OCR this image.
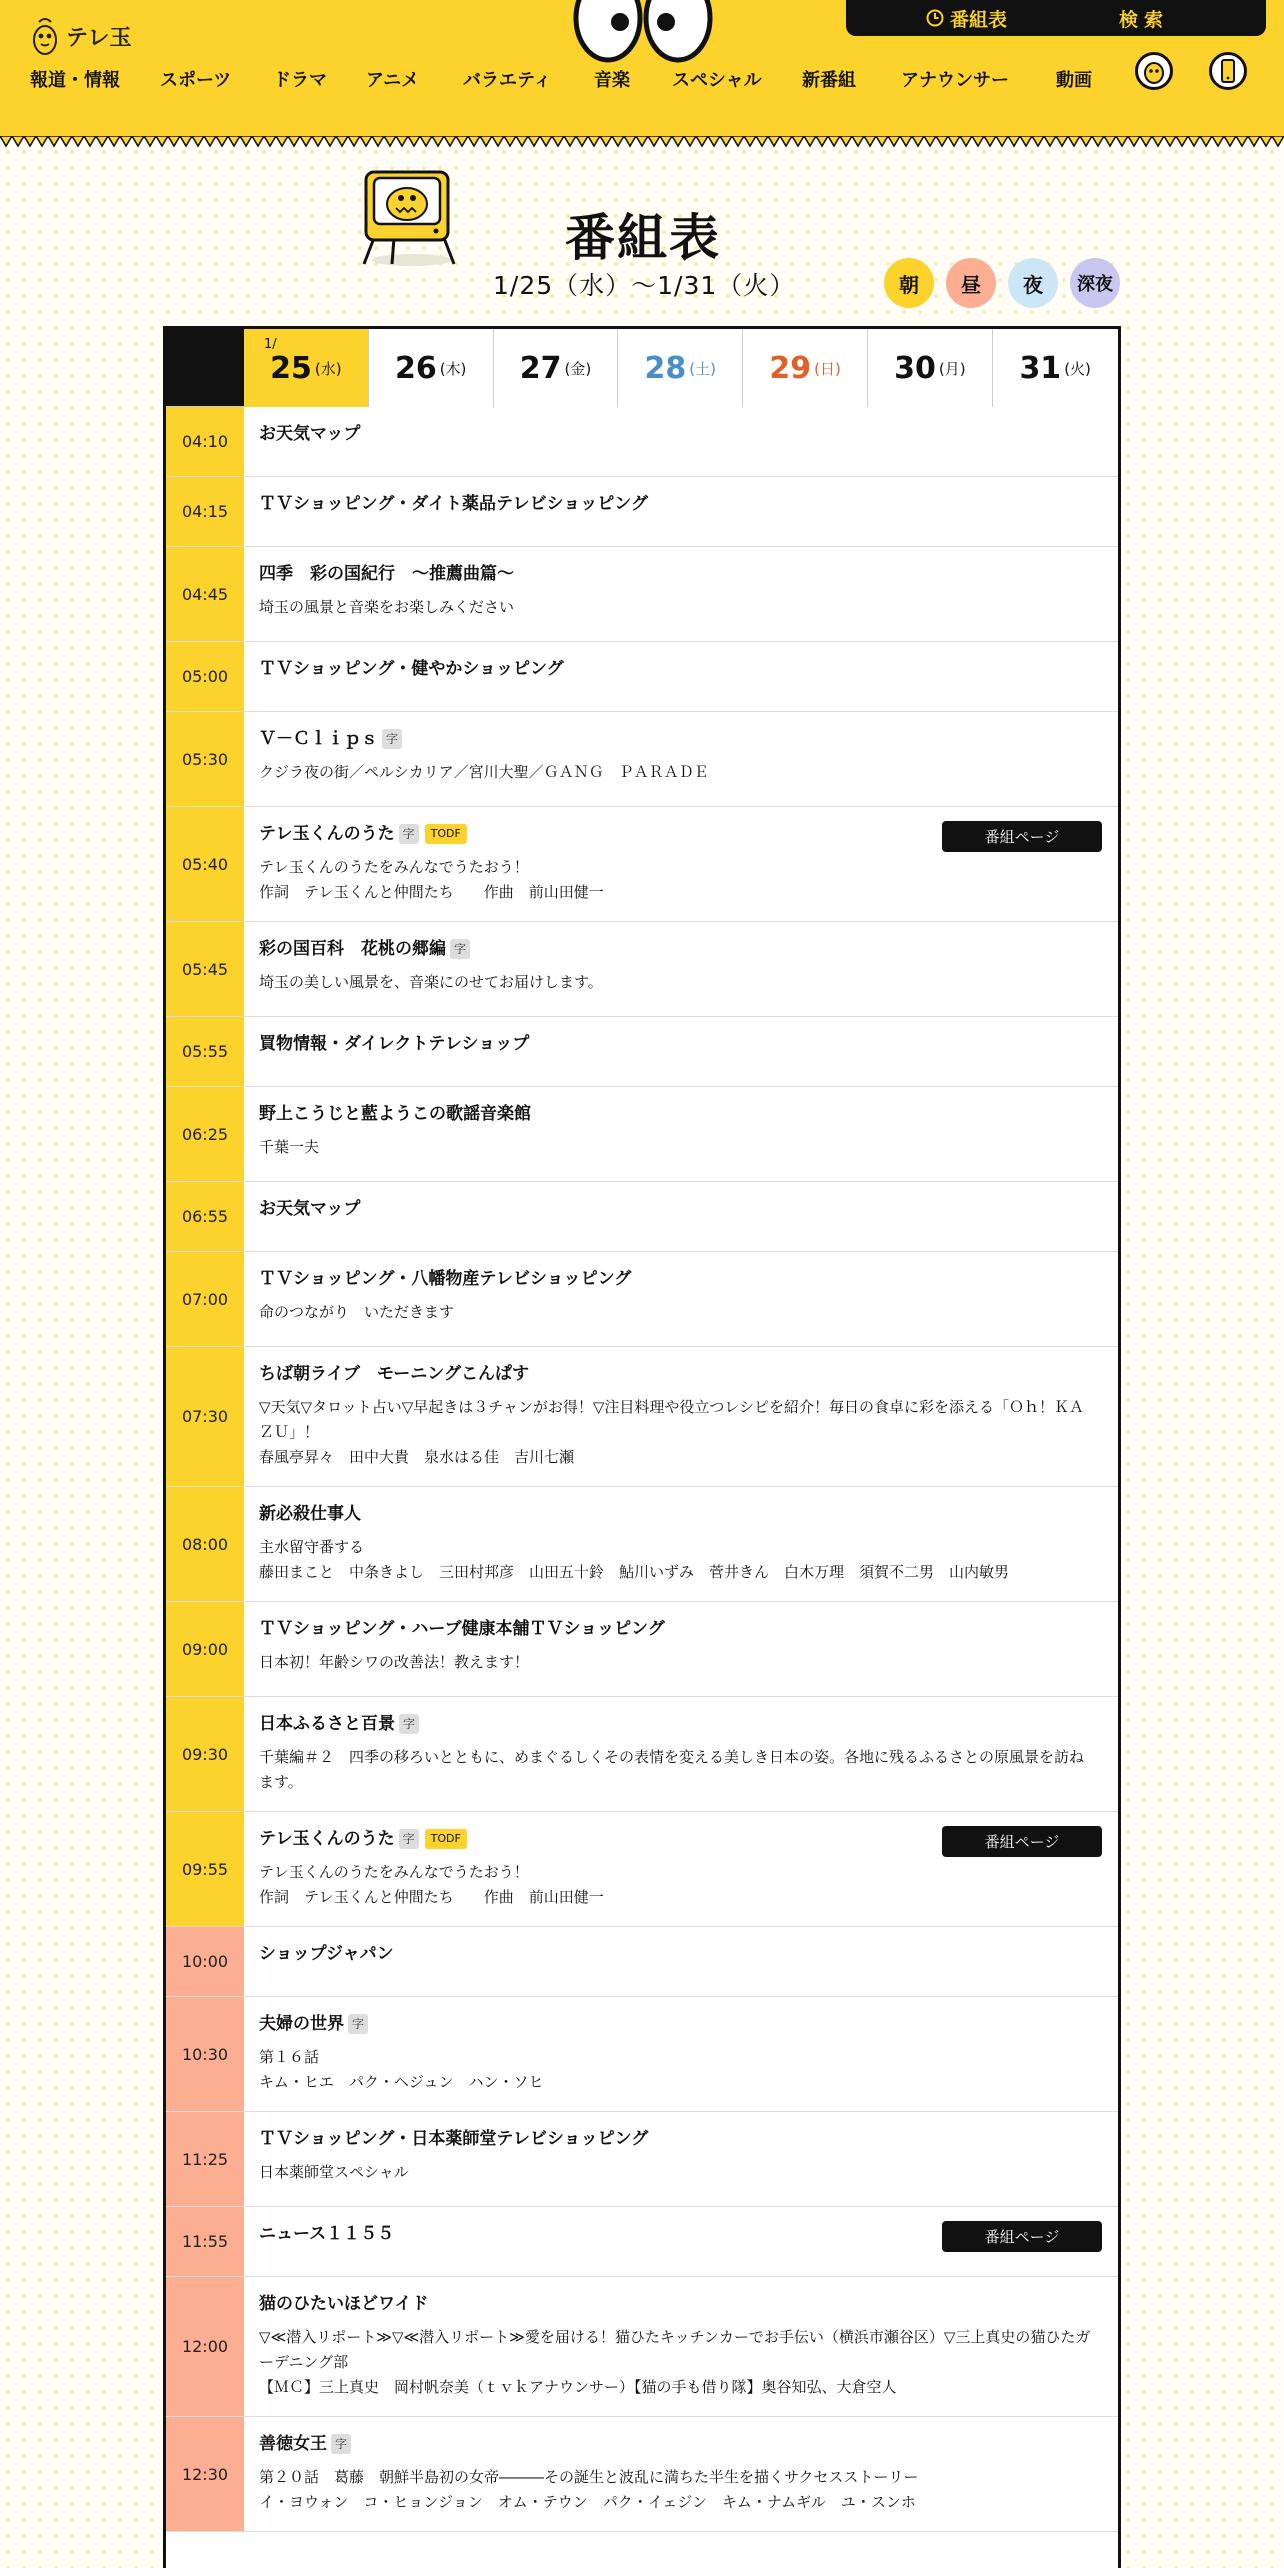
テレ玉
番組表	検索
報道・情報 スポーツ ドラマ アニメ バラエティ 音楽 スペシャル 新番組	アナウンサー	動画
番組表
1/25（水）〜1/31（火）	朝 昼 夜 深夜
1/
25 (水) 26 (木) 27 (金) 28 (土) 29 (日) 30 (月) 31 (火)
04:10	お天気マップ
04:15	ＴＶショッピング・ダイト薬品テレビショッピング
04:45
四季　彩の国紀行　～推薦曲篇～
埼玉の風景と音楽をお楽しみください
05:00	ＴＶショッピング・健やかショッピング
05:30
Ｖ－Ｃｌｉｐｓ 字
クジラ夜の街／ペルシカリア／宮川大聖／ＧＡＮＧ　ＰＡＲＡＤＥ
05:40
テレ玉くんのうた 字	TODF
テレ玉くんのうたをみんなでうたおう！
作詞　テレ玉くんと仲間たち　　作曲　前山田健一
番組ページ
05:45
彩の国百科　花桃の郷編 字
埼玉の美しい風景を、音楽にのせてお届けします。
05:55	買物情報・ダイレクトテレショップ
06:25
野上こうじと藍ようこの歌謡音楽館
千葉一夫
06:55	お天気マップ
07:00
ＴＶショッピング・八幡物産テレビショッピング
命のつながり　いただきます
07:30
ちば朝ライブ　モーニングこんぱす
▽天気▽タロット占い▽早起きは３チャンがお得！▽注目料理や役立つレシピを紹介！毎日の食卓に彩を添える「Ｏｈ！ＫＡＺＵ」！
春風亭昇々　田中大貴　泉水はる佳　吉川七瀬
08:00
新必殺仕事人
主水留守番する
藤田まこと　中条きよし　三田村邦彦　山田五十鈴　鮎川いずみ　菅井きん　白木万理　須賀不二男　山内敏男
09:00
ＴＶショッピング・ハーブ健康本舗ＴＶショッピング
日本初！年齢シワの改善法！教えます！
09:30
日本ふるさと百景 字
千葉編＃２　四季の移ろいとともに、めまぐるしくその表情を変える美しき日本の姿。各地に残るふるさとの原風景を訪ねます。
09:55
テレ玉くんのうた 字	TODF
テレ玉くんのうたをみんなでうたおう！
作詞　テレ玉くんと仲間たち　　作曲　前山田健一
番組ページ
10:00	ショップジャパン
10:30
夫婦の世界 字
第１６話
キム・ヒエ　パク・ヘジュン　ハン・ソヒ
11:25
ＴＶショッピング・日本薬師堂テレビショッピング
日本薬師堂スペシャル
11:55	ニュース１１５５	番組ページ
12:00
猫のひたいほどワイド
▽≪潜入リポート≫▽≪潜入リポート≫愛を届ける！猫ひたキッチンカーでお手伝い（横浜市瀬谷区）▽三上真史の猫ひたガーデニング部
【ＭＣ】三上真史　岡村帆奈美（ｔｖｋアナウンサー）【猫の手も借り隊】奥谷知弘、大倉空人
12:30
善徳女王 字
第２０話　葛藤　朝鮮半島初の女帝―――その誕生と波乱に満ちた半生を描くサクセスストーリー
イ・ヨウォン　コ・ヒョンジョン　オム・テウン　パク・イェジン　キム・ナムギル　ユ・スンホ
